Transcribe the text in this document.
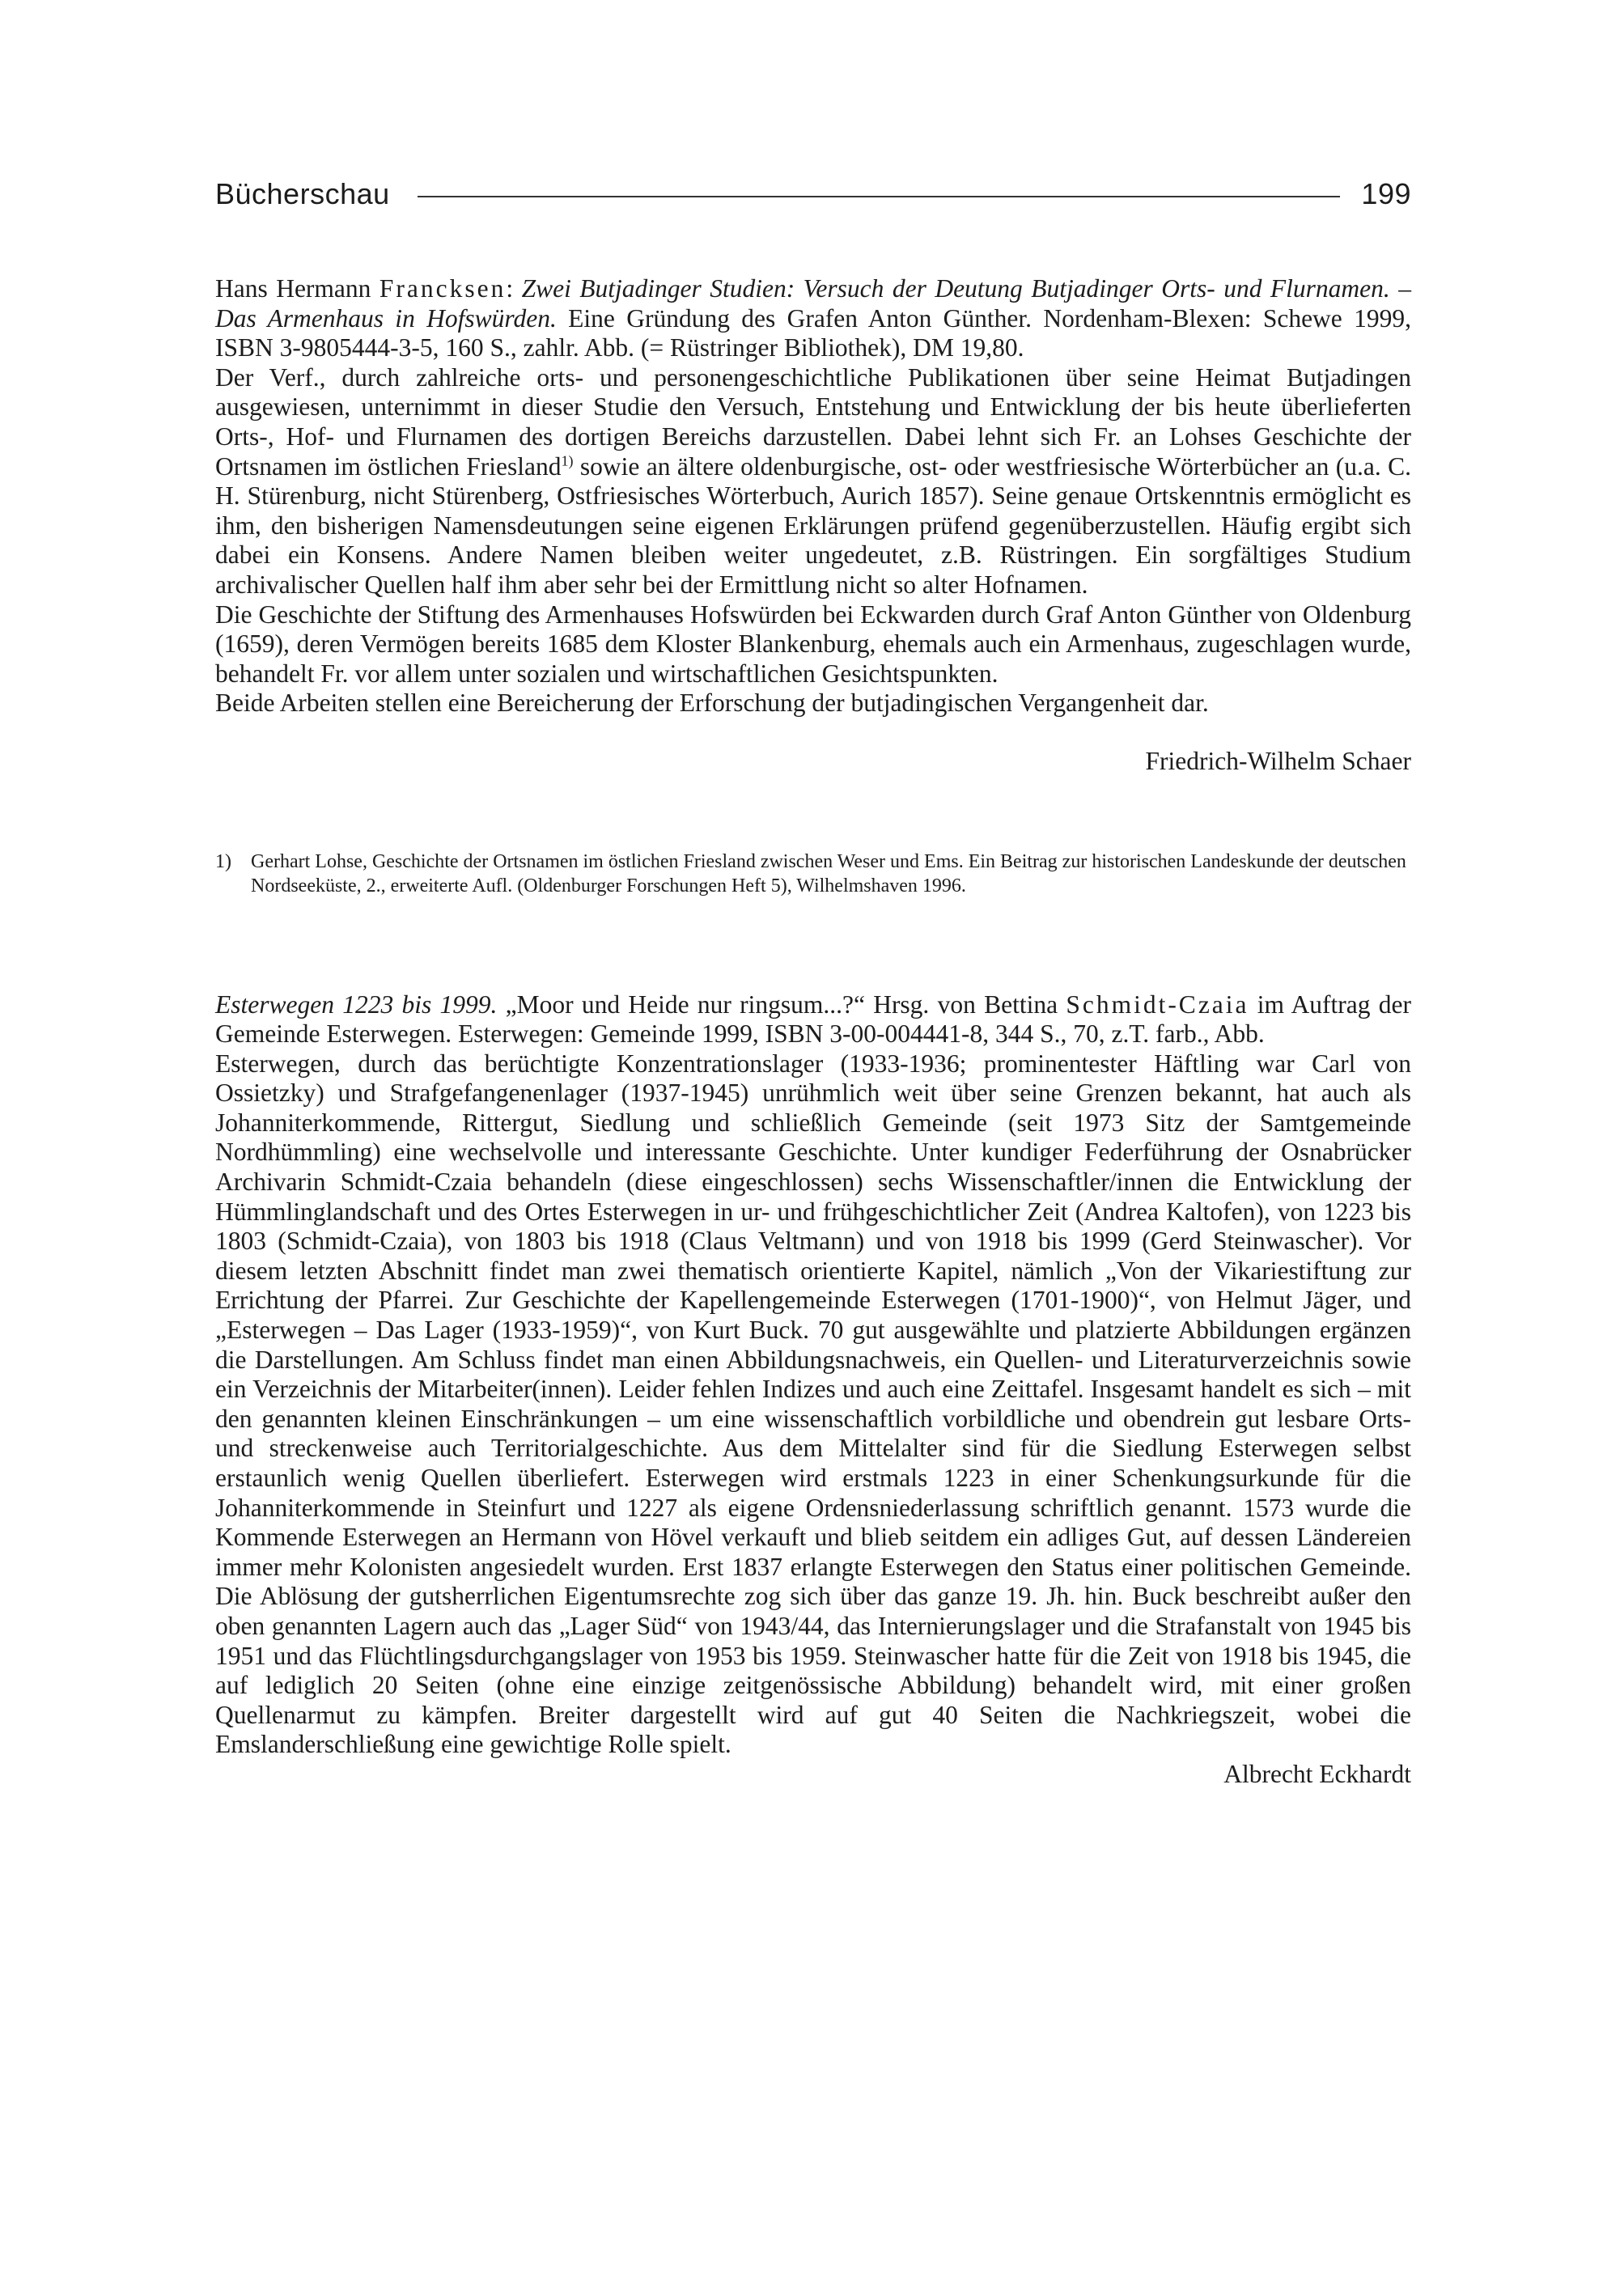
Bücherschau	199

Hans Hermann Francksen: Zwei Butjadinger Studien: Versuch der Deutung Butjadinger Orts- und Flurnamen. – Das Armenhaus in Hofswürden. Eine Gründung des Grafen Anton Günther. Nordenham-Blexen: Schewe 1999, ISBN 3-9805444-3-5, 160 S., zahlr. Abb. (= Rüstringer Bibliothek), DM 19,80.

Der Verf., durch zahlreiche orts- und personengeschichtliche Publikationen über seine Heimat Butjadingen ausgewiesen, unternimmt in dieser Studie den Versuch, Entstehung und Entwicklung der bis heute überlieferten Orts-, Hof- und Flurnamen des dortigen Bereichs darzustellen. Dabei lehnt sich Fr. an Lohses Geschichte der Ortsnamen im östlichen Friesland$^{1)}$ sowie an ältere oldenburgische, ost- oder westfriesische Wörterbücher an (u.a. C. H. Stürenburg, nicht Stürenberg, Ostfriesisches Wörterbuch, Aurich 1857). Seine genaue Ortskenntnis ermöglicht es ihm, den bisherigen Namensdeutungen seine eigenen Erklärungen prüfend gegenüberzustellen. Häufig ergibt sich dabei ein Konsens. Andere Namen bleiben weiter ungedeutet, z.B. Rüstringen. Ein sorgfältiges Studium archivalischer Quellen half ihm aber sehr bei der Ermittlung nicht so alter Hofnamen.

Die Geschichte der Stiftung des Armenhauses Hofswürden bei Eckwarden durch Graf Anton Günther von Oldenburg (1659), deren Vermögen bereits 1685 dem Kloster Blankenburg, ehemals auch ein Armenhaus, zugeschlagen wurde, behandelt Fr. vor allem unter sozialen und wirtschaftlichen Gesichtspunkten.

Beide Arbeiten stellen eine Bereicherung der Erforschung der butjadingischen Vergangenheit dar.

Friedrich-Wilhelm Schaer
1)	Gerhart Lohse, Geschichte der Ortsnamen im östlichen Friesland zwischen Weser und Ems. Ein Beitrag zur historischen Landeskunde der deutschen Nordseeküste, 2., erweiterte Aufl. (Oldenburger Forschungen Heft 5), Wilhelmshaven 1996.

Esterwegen 1223 bis 1999. „Moor und Heide nur ringsum...?“ Hrsg. von Bettina Schmidt-Czaia im Auftrag der Gemeinde Esterwegen. Esterwegen: Gemeinde 1999, ISBN 3-00-004441-8, 344 S., 70, z.T. farb., Abb.

Esterwegen, durch das berüchtigte Konzentrationslager (1933-1936; prominentester Häftling war Carl von Ossietzky) und Strafgefangenenlager (1937-1945) unrühmlich weit über seine Grenzen bekannt, hat auch als Johanniterkommende, Rittergut, Siedlung und schließlich Gemeinde (seit 1973 Sitz der Samtgemeinde Nordhümmling) eine wechselvolle und interessante Geschichte. Unter kundiger Federführung der Osnabrücker Archivarin Schmidt-Czaia behandeln (diese eingeschlossen) sechs Wissenschaftler/innen die Entwicklung der Hümmlinglandschaft und des Ortes Esterwegen in ur- und frühgeschichtlicher Zeit (Andrea Kaltofen), von 1223 bis 1803 (Schmidt-Czaia), von 1803 bis 1918 (Claus Veltmann) und von 1918 bis 1999 (Gerd Steinwascher). Vor diesem letzten Abschnitt findet man zwei thematisch orientierte Kapitel, nämlich „Von der Vikariestiftung zur Errichtung der Pfarrei. Zur Geschichte der Kapellengemeinde Esterwegen (1701-1900)“, von Helmut Jäger, und „Esterwegen – Das Lager (1933-1959)“, von Kurt Buck. 70 gut ausgewählte und platzierte Abbildungen ergänzen die Darstellungen. Am Schluss findet man einen Abbildungsnachweis, ein Quellen- und Literaturverzeichnis sowie ein Verzeichnis der Mitarbeiter(innen). Leider fehlen Indizes und auch eine Zeittafel. Insgesamt handelt es sich – mit den genannten kleinen Einschränkungen – um eine wissenschaftlich vorbildliche und obendrein gut lesbare Orts- und streckenweise auch Territorialgeschichte. Aus dem Mittelalter sind für die Siedlung Esterwegen selbst erstaunlich wenig Quellen überliefert. Esterwegen wird erstmals 1223 in einer Schenkungsurkunde für die Johanniterkommende in Steinfurt und 1227 als eigene Ordensniederlassung schriftlich genannt. 1573 wurde die Kommende Esterwegen an Hermann von Hövel verkauft und blieb seitdem ein adliges Gut, auf dessen Ländereien immer mehr Kolonisten angesiedelt wurden. Erst 1837 erlangte Esterwegen den Status einer politischen Gemeinde. Die Ablösung der gutsherrlichen Eigentumsrechte zog sich über das ganze 19. Jh. hin. Buck beschreibt außer den oben genannten Lagern auch das „Lager Süd“ von 1943/44, das Internierungslager und die Strafanstalt von 1945 bis 1951 und das Flüchtlingsdurchgangslager von 1953 bis 1959. Steinwascher hatte für die Zeit von 1918 bis 1945, die auf lediglich 20 Seiten (ohne eine einzige zeitgenössische Abbildung) behandelt wird, mit einer großen Quellenarmut zu kämpfen. Breiter dargestellt wird auf gut 40 Seiten die Nachkriegszeit, wobei die Emslanderschließung eine gewichtige Rolle spielt.

Albrecht Eckhardt
